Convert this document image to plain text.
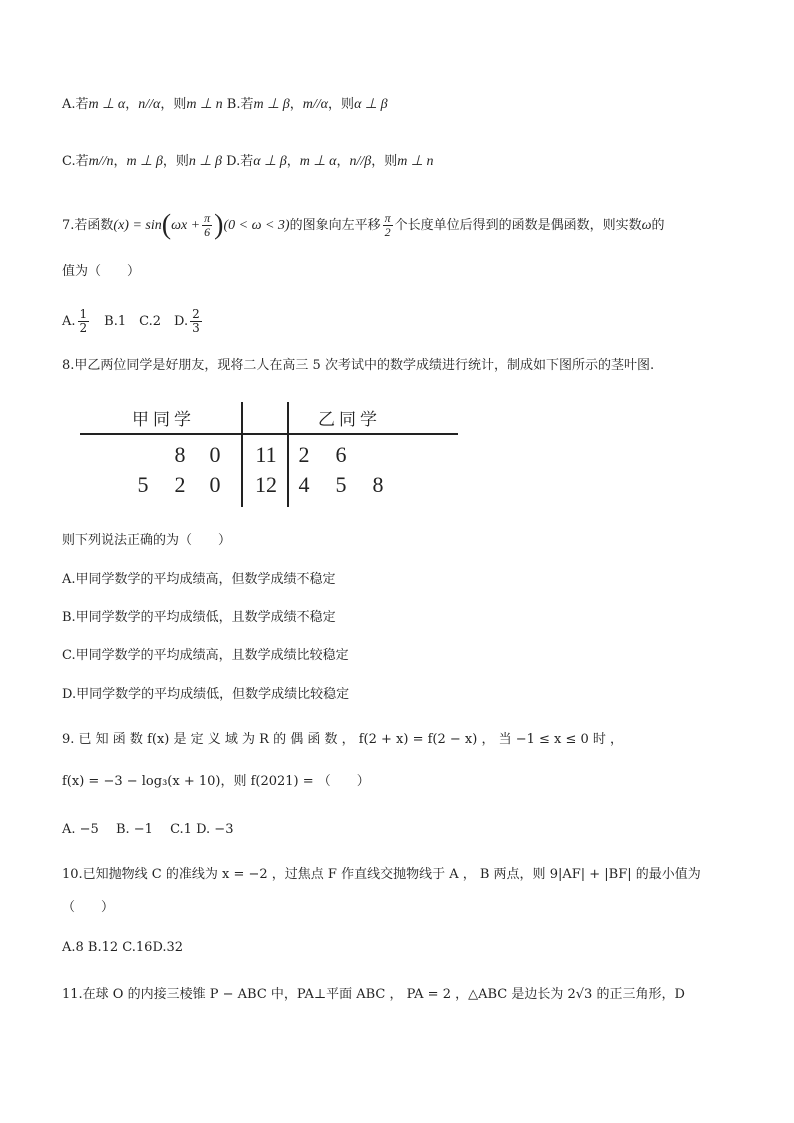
A.若m ⊥ α，n//α，则m ⊥ n B.若m ⊥ β，m//α，则α ⊥ β
C.若m//n，m ⊥ β，则n ⊥ β D.若α ⊥ β，m ⊥ α，n//β，则m ⊥ n
7.若函数$(x) = \sin(\omega x + \frac{\pi}{6} )(0 < \omega < 3)$的图象向左平移 $\frac{\pi}{2}$ 个长度单位后得到的函数是偶函数，则实数ω的
值为（　　）
A. $\frac{1}{2}$ 　B.1　C.2　D. $\frac{2}{3}$
8.甲乙两位同学是好朋友，现将二人在高三 5 次考试中的数学成绩进行统计，制成如下图所示的茎叶图.
甲同学	乙同学
8 0 11 2 6
5 2 0 12 4 5 8
则下列说法正确的为（　　）
A.甲同学数学的平均成绩高，但数学成绩不稳定
B.甲同学数学的平均成绩低，且数学成绩不稳定
C.甲同学数学的平均成绩高，且数学成绩比较稳定
D.甲同学数学的平均成绩低，但数学成绩比较稳定
9. 已 知 函 数 f(x) 是 定 义 域 为 R 的 偶 函 数 ， f(2 + x) = f(2 − x) ， 当 −1 ≤ x ≤ 0 时 ，
f(x) = −3 − log₃(x + 10)，则 f(2021) = （　　）
A. −5　 B. −1　 C.1 D. −3
10.已知抛物线 C 的准线为 x = −2 ，过焦点 F 作直线交抛物线于 A ， B 两点，则 9|AF| + |BF| 的最小值为
（　　）
A.8 B.12 C.16D.32
11.在球 O 的内接三棱锥 P − ABC 中，PA⊥平面 ABC ， PA = 2 ，△ABC 是边长为 2√3 的正三角形，D
